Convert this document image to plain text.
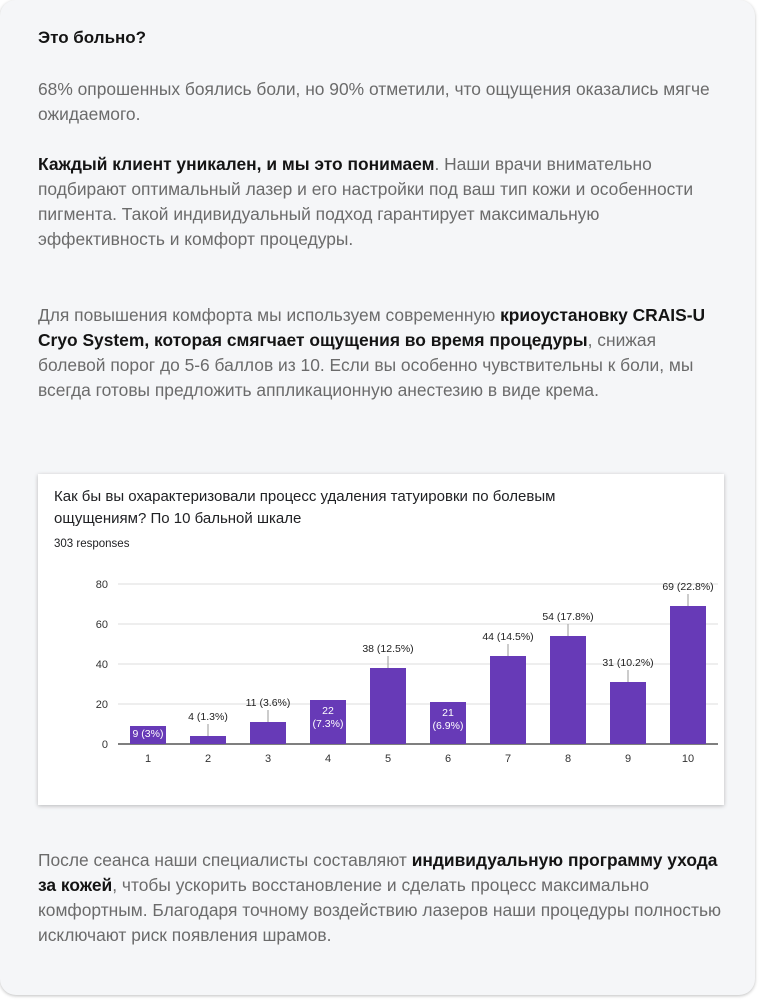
Это больно?
68% опрошенных боялись боли, но 90% отметили, что ощущения оказались мягче ожидаемого.
Каждый клиент уникален, и мы это понимаем. Наши врачи внимательно подбирают оптимальный лазер и его настройки под ваш тип кожи и особенности пигмента. Такой индивидуальный подход гарантирует максимальную эффективность и комфорт процедуры.
Для повышения комфорта мы используем современную криоустановку CRAIS-U Cryo System, которая смягчает ощущения во время процедуры, снижая болевой порог до 5-6 баллов из 10. Если вы особенно чувствительны к боли, мы всегда готовы предложить аппликационную анестезию в виде крема.
Как бы вы охарактеризовали процесс удаления татуировки по болевым ощущениям? По 10 бальной шкале
303 responses
0
20
40
60
80
1
9 (3%)
2
4 (1.3%)
3
11 (3.6%)
4
22
(7.3%)
5
38 (12.5%)
6
21
(6.9%)
7
44 (14.5%)
8
54 (17.8%)
9
31 (10.2%)
10
69 (22.8%)
После сеанса наши специалисты составляют индивидуальную программу ухода за кожей, чтобы ускорить восстановление и сделать процесс максимально комфортным. Благодаря точному воздействию лазеров наши процедуры полностью исключают риск появления шрамов.
